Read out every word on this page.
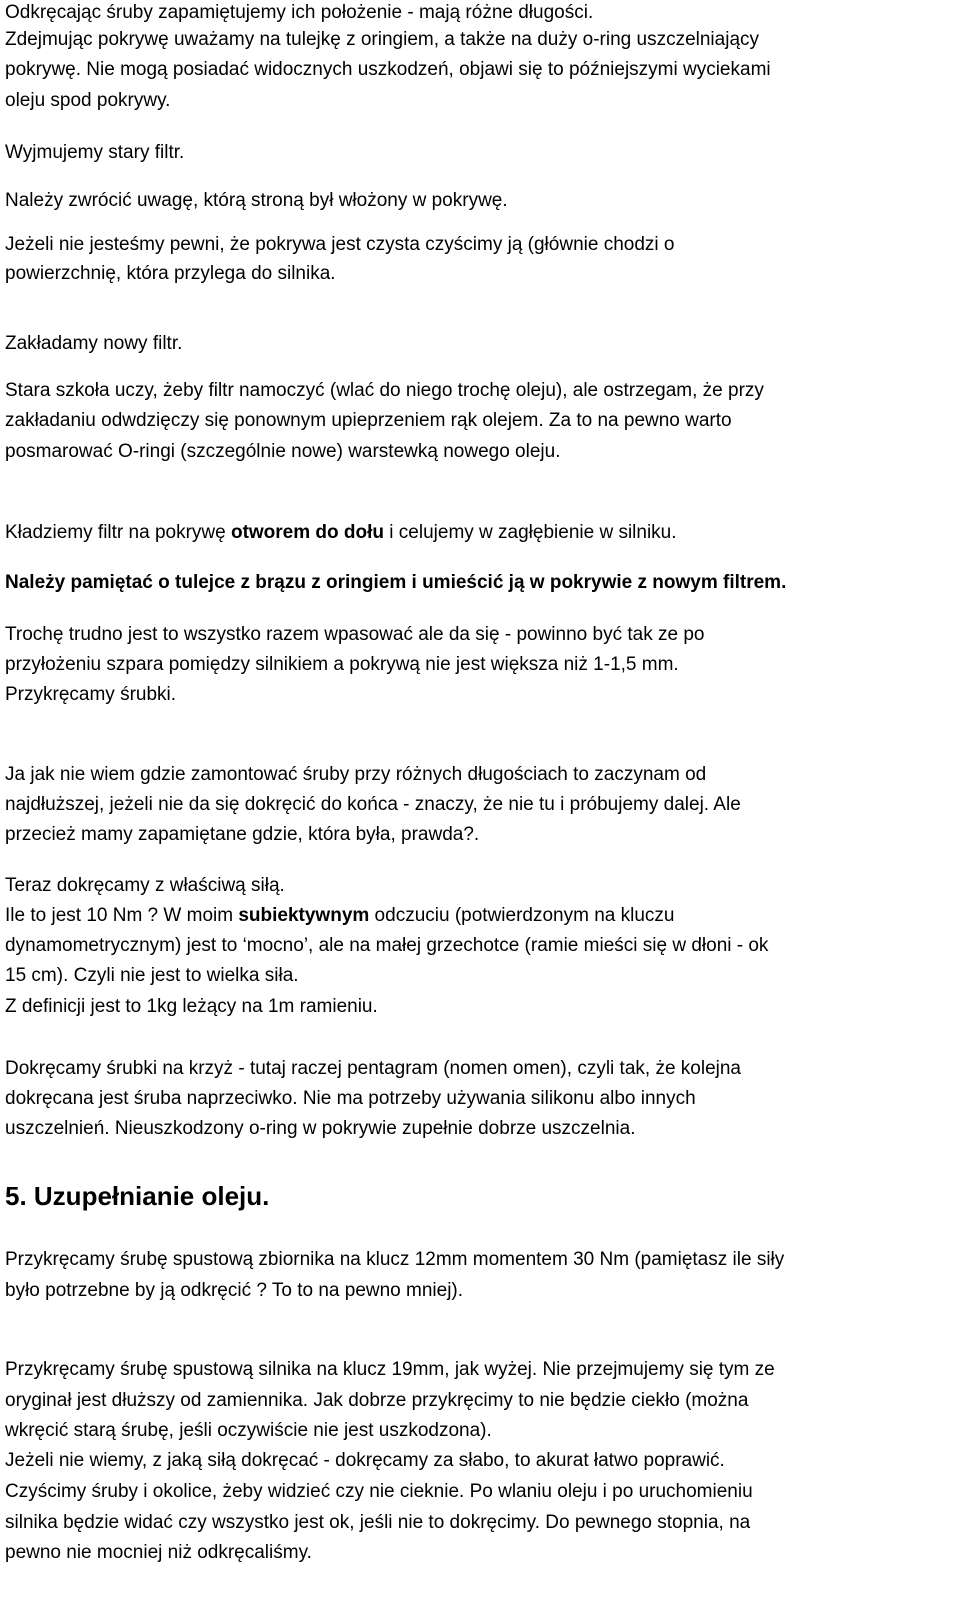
Odkręcając śruby zapamiętujemy ich położenie - mają różne długości.
Zdejmując pokrywę uważamy na tulejkę z oringiem, a także na duży o-ring uszczelniający
pokrywę. Nie mogą posiadać widocznych uszkodzeń, objawi się to późniejszymi wyciekami
oleju spod pokrywy.
Wyjmujemy stary filtr.
Należy zwrócić uwagę, którą stroną był włożony w pokrywę.
Jeżeli nie jesteśmy pewni, że pokrywa jest czysta czyścimy ją (głównie chodzi o
powierzchnię, która przylega do silnika.
Zakładamy nowy filtr.
Stara szkoła uczy, żeby filtr namoczyć (wlać do niego trochę oleju), ale ostrzegam, że przy
zakładaniu odwdzięczy się ponownym upieprzeniem rąk olejem. Za to na pewno warto
posmarować O-ringi (szczególnie nowe) warstewką nowego oleju.
Kładziemy filtr na pokrywę otworem do dołu i celujemy w zagłębienie w silniku.
Należy pamiętać o tulejce z brązu z oringiem i umieścić ją w pokrywie z nowym filtrem.
Trochę trudno jest to wszystko razem wpasować ale da się - powinno być tak ze po
przyłożeniu szpara pomiędzy silnikiem a pokrywą nie jest większa niż 1-1,5 mm.
Przykręcamy śrubki.
Ja jak nie wiem gdzie zamontować śruby przy różnych długościach to zaczynam od
najdłuższej, jeżeli nie da się dokręcić do końca - znaczy, że nie tu i próbujemy dalej. Ale
przecież mamy zapamiętane gdzie, która była, prawda?.
Teraz dokręcamy z właściwą siłą.
Ile to jest 10 Nm ? W moim subiektywnym odczuciu (potwierdzonym na kluczu
dynamometrycznym) jest to ‘mocno’, ale na małej grzechotce (ramie mieści się w dłoni - ok
15 cm). Czyli nie jest to wielka siła.
Z definicji jest to 1kg leżący na 1m ramieniu.
Dokręcamy śrubki na krzyż - tutaj raczej pentagram (nomen omen), czyli tak, że kolejna
dokręcana jest śruba naprzeciwko. Nie ma potrzeby używania silikonu albo innych
uszczelnień. Nieuszkodzony o-ring w pokrywie zupełnie dobrze uszczelnia.
5. Uzupełnianie oleju.
Przykręcamy śrubę spustową zbiornika na klucz 12mm momentem 30 Nm (pamiętasz ile siły
było potrzebne by ją odkręcić ? To to na pewno mniej).
Przykręcamy śrubę spustową silnika na klucz 19mm, jak wyżej. Nie przejmujemy się tym ze
oryginał jest dłuższy od zamiennika. Jak dobrze przykręcimy to nie będzie ciekło (można
wkręcić starą śrubę, jeśli oczywiście nie jest uszkodzona).
Jeżeli nie wiemy, z jaką siłą dokręcać - dokręcamy za słabo, to akurat łatwo poprawić.
Czyścimy śruby i okolice, żeby widzieć czy nie cieknie. Po wlaniu oleju i po uruchomieniu
silnika będzie widać czy wszystko jest ok, jeśli nie to dokręcimy. Do pewnego stopnia, na
pewno nie mocniej niż odkręcaliśmy.
